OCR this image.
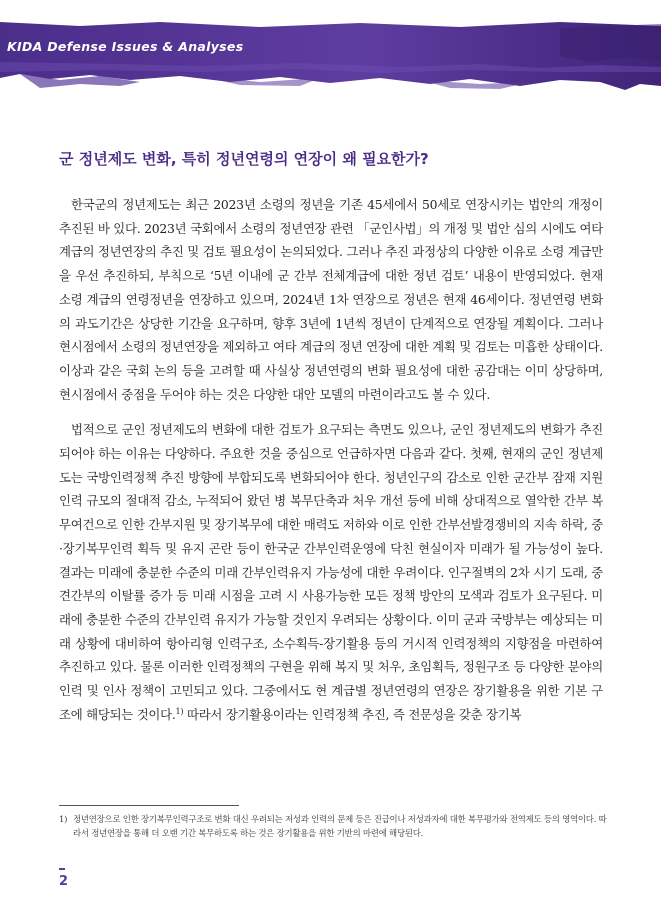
KIDA Defense Issues & Analyses
군 정년제도 변화, 특히 정년연령의 연장이 왜 필요한가?

한국군의 정년제도는 최근 2023년 소령의 정년을 기존 45세에서 50세로 연장시키는 법안의 개정이 추진된 바 있다. 2023년 국회에서 소령의 정년연장 관련 「군인사법」의 개정 및 법안 심의 시에도 여타 계급의 정년연장의 추진 및 검토 필요성이 논의되었다. 그러나 추진 과정상의 다양한 이유로 소령 계급만을 우선 추진하되, 부칙으로 ‘5년 이내에 군 간부 전체계급에 대한 정년 검토’ 내용이 반영되었다. 현재 소령 계급의 연령정년을 연장하고 있으며, 2024년 1차 연장으로 정년은 현재 46세이다. 정년연령 변화의 과도기간은 상당한 기간을 요구하며, 향후 3년에 1년씩 정년이 단계적으로 연장될 계획이다. 그러나 현시점에서 소령의 정년연장을 제외하고 여타 계급의 정년 연장에 대한 계획 및 검토는 미흡한 상태이다. 이상과 같은 국회 논의 등을 고려할 때 사실상 정년연령의 변화 필요성에 대한 공감대는 이미 상당하며, 현시점에서 중점을 두어야 하는 것은 다양한 대안 모델의 마련이라고도 볼 수 있다.

법적으로 군인 정년제도의 변화에 대한 검토가 요구되는 측면도 있으나, 군인 정년제도의 변화가 추진되어야 하는 이유는 다양하다. 주요한 것을 중심으로 언급하자면 다음과 같다. 첫째, 현재의 군인 정년제도는 국방인력정책 추진 방향에 부합되도록 변화되어야 한다. 청년인구의 감소로 인한 군간부 잠재 지원인력 규모의 절대적 감소, 누적되어 왔던 병 복무단축과 처우 개선 등에 비해 상대적으로 열악한 간부 복무여건으로 인한 간부지원 및 장기복무에 대한 매력도 저하와 이로 인한 간부선발경쟁비의 지속 하락, 중·장기복무인력 획득 및 유지 곤란 등이 한국군 간부인력운영에 닥친 현실이자 미래가 될 가능성이 높다. 결과는 미래에 충분한 수준의 미래 간부인력유지 가능성에 대한 우려이다. 인구절벽의 2차 시기 도래, 중견간부의 이탈률 증가 등 미래 시점을 고려 시 사용가능한 모든 정책 방안의 모색과 검토가 요구된다. 미래에 충분한 수준의 간부인력 유지가 가능할 것인지 우려되는 상황이다. 이미 군과 국방부는 예상되는 미래 상황에 대비하여 항아리형 인력구조, 소수획득-장기활용 등의 거시적 인력정책의 지향점을 마련하여 추진하고 있다. 물론 이러한 인력정책의 구현을 위해 복지 및 처우, 초임획득, 정원구조 등 다양한 분야의 인력 및 인사 정책이 고민되고 있다. 그중에서도 현 계급별 정년연령의 연장은 장기활용을 위한 기본 구조에 해당되는 것이다.$^{1)}$ 따라서 장기활용이라는 인력정책 추진, 즉 전문성을 갖춘 장기복

1) 정년연장으로 인한 장기복무인력구조로 변화 대신 우려되는 저성과 인력의 문제 등은 진급이나 저성과자에 대한 복무평가와 전역제도 등의 영역이다. 따라서 정년연장을 통해 더 오랜 기간 복무하도록 하는 것은 장기활용을 위한 기반의 마련에 해당된다.
2
